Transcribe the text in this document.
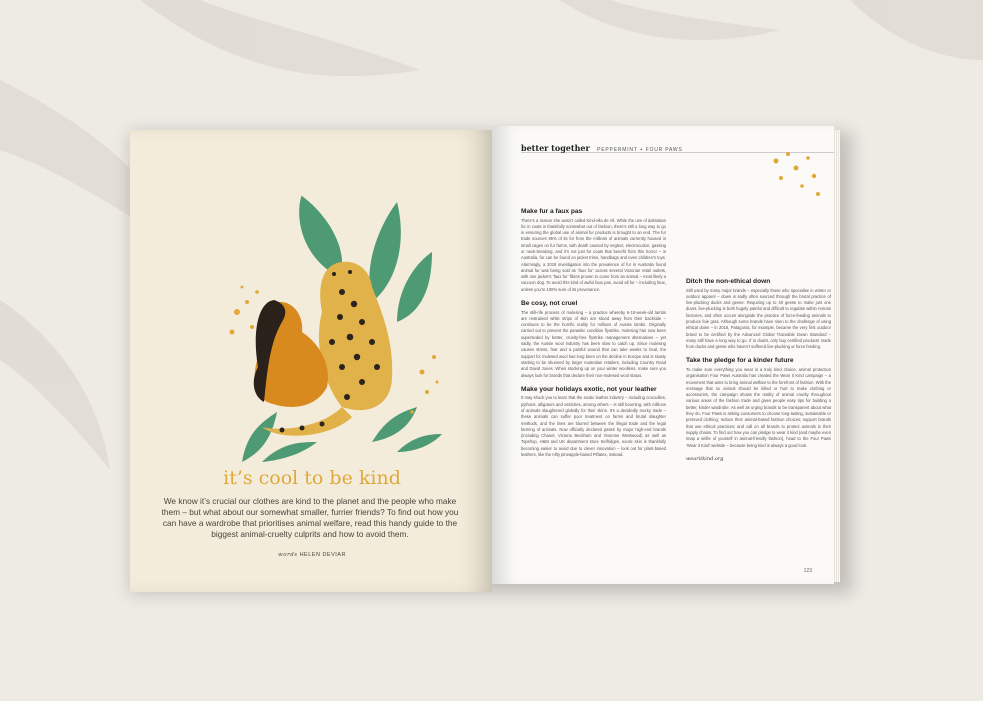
it’s cool to be kind
We know it’s crucial our clothes are kind to the planet and the people who make them – but what about our somewhat smaller, furrier friends? To find out how you can have a wardrobe that prioritises animal welfare, read this handy guide to the biggest animal-cruelty culprits and how to avoid them.
words HELEN DEVIAR
better together PEPPERMINT + FOUR PAWS
Make fur a faux pas

There’s a reason she wasn’t called Kind-ella de Vil. While the use of dalmatian fur in coats is thankfully somewhat out of fashion, there’s still a long way to go in ensuring the global use of animal fur products is brought to an end. The fur trade sources 95% of its fur from the millions of animals currently housed in small cages on fur farms, with death caused by neglect, electrocution, gassing or neck-breaking, and it’s not just fur coats that benefit from this horror – in Australia, fur can be found on jacket trims, handbags and even children’s toys. Alarmingly, a 2019 investigation into the prevalence of fur in Australia found animal fur was being sold as ‘faux fur’ across several Victorian retail outlets, with one jacket’s ‘faux fur’ fibres proven to come from an animal – most likely a raccoon dog. To avoid this kind of awful faux pas, avoid all fur – including faux, unless you’re 100% sure of its provenance.

Be cosy, not cruel

The still-rife process of mulesing – a practice whereby 6-10-week-old lambs are restrained while strips of skin are sliced away from their backside – continues to be the horrific reality for millions of Aussie lambs. Originally carried out to prevent the parasitic condition flystrike, mulesing has now been superseded by better, cruelty-free flystrike management alternatives – yet sadly, the Aussie wool industry has been slow to catch up. Since mulesing causes stress, fear and a painful wound that can take weeks to heal, the support for mulesed wool has long been on the decline in Europe and is slowly starting to be shunned by larger Australian retailers, including Country Road and David Jones. When stocking up on your winter woollens, make sure you always look for brands that declare their non-mulesed wool status.

Make your holidays exotic, not your leather

It may shock you to learn that the exotic leather industry – including crocodiles, pythons, alligators and ostriches, among others – is still booming, with millions of animals slaughtered globally for their skins. It’s a decidedly murky trade – these animals can suffer poor treatment on farms and brutal slaughter methods, and the lines are blurred between the illegal trade and the legal farming of animals. Now officially declared passé by major high-end brands (including Chanel, Victoria Beckham and Vivienne Westwood) as well as Topshop, H&M and UK department store Selfridges, exotic skin is thankfully becoming easier to avoid due to clever innovation – look out for plant-based leathers, like the nifty pineapple-based Piñatex, instead.

Ditch the non-ethical down

Still used by many major brands – especially those who specialise in winter or outdoor apparel – down is sadly often sourced through the brutal practice of live-plucking ducks and geese. Requiring up to 40 geese to make just one duvet, live-plucking is both hugely painful and difficult to regulate within remote factories, and often occurs alongside the practice of force-feeding animals to produce foie gras. Although some brands have risen to the challenge of using ethical down – in 2018, Patagonia, for example, became the very first outdoor brand to be certified by the Advanced Global Traceable Down Standard – many still have a long way to go. If in doubt, only buy certified products made from ducks and geese who haven’t suffered live-plucking or force feeding.

Take the pledge for a kinder future

To make sure everything you wear is a truly kind choice, animal protection organisation Four Paws Australia has created the Wear it Kind campaign – a movement that aims to bring animal welfare to the forefront of fashion. With the message that no animal should be killed or hurt to make clothing or accessories, the campaign shows the reality of animal cruelty throughout various areas of the fashion trade and gives people easy tips for building a better, kinder wardrobe. As well as urging brands to be transparent about what they do, Four Paws is asking consumers to choose long-lasting, sustainable or preloved clothing; reduce their animal-based fashion choices; support brands that use ethical practices; and call on all brands to protect animals in their supply chains. To find out how you can pledge to wear it kind (and maybe even snap a selfie of yourself in animal-friendly fashion), head to the Four Paws ‘Wear it Kind’ website – because being kind is always a good look.

wearitkind.org
123
